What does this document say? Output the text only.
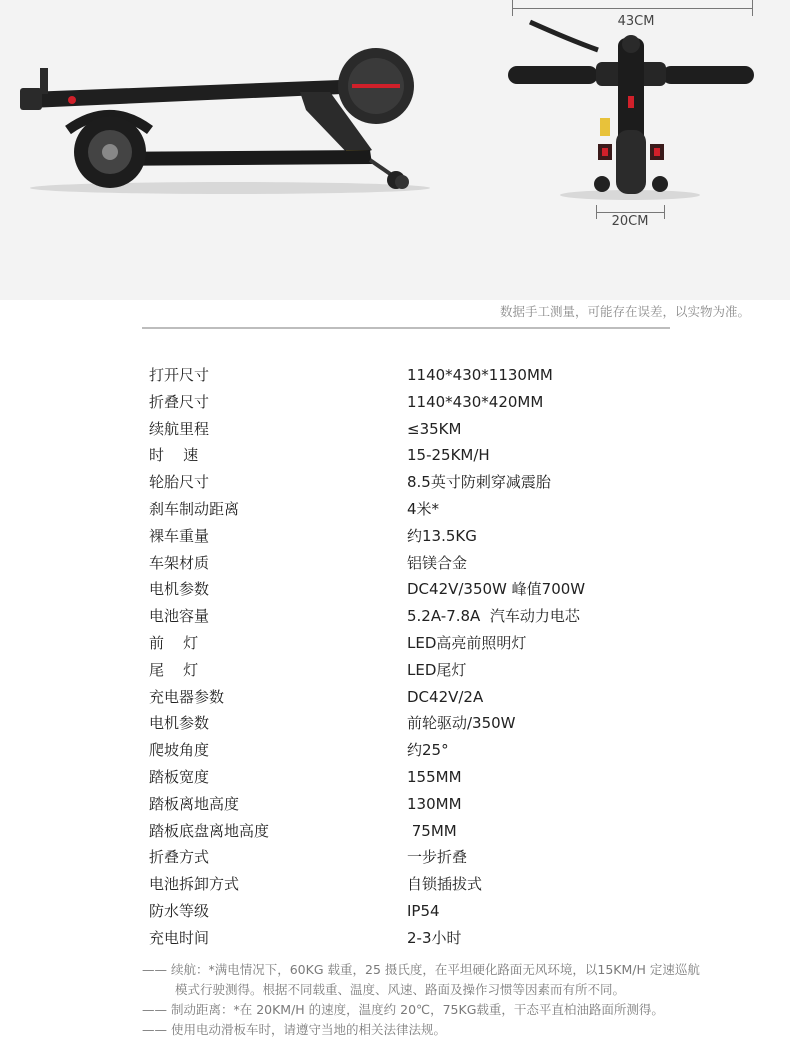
43CM
20CM
数据手工测量，可能存在误差，以实物为准。
打开尺寸	1140*430*1130MM
折叠尺寸	1140*430*420MM
续航里程	≤35KM
时    速	15-25KM/H
轮胎尺寸	8.5英寸防刺穿减震胎
刹车制动距离	4米*
裸车重量	约13.5KG
车架材质	铝镁合金
电机参数	DC42V/350W 峰值700W
电池容量	5.2A-7.8A  汽车动力电芯
前    灯	LED高亮前照明灯
尾    灯	LED尾灯
充电器参数	DC42V/2A
电机参数	前轮驱动/350W
爬坡角度	约25°
踏板宽度	155MM
踏板离地高度	130MM
踏板底盘离地高度	75MM
折叠方式	一步折叠
电池拆卸方式	自锁插拔式
防水等级	IP54
充电时间	2-3小时

—— 续航：*满电情况下，60KG 载重，25 摄氏度，在平坦硬化路面无风环境，以15KM/H 定速巡航

模式行驶测得。根据不同载重、温度、风速、路面及操作习惯等因素而有所不同。

—— 制动距离：*在 20KM/H 的速度，温度约 20℃，75KG载重，干态平直柏油路面所测得。

—— 使用电动滑板车时，请遵守当地的相关法律法规。
